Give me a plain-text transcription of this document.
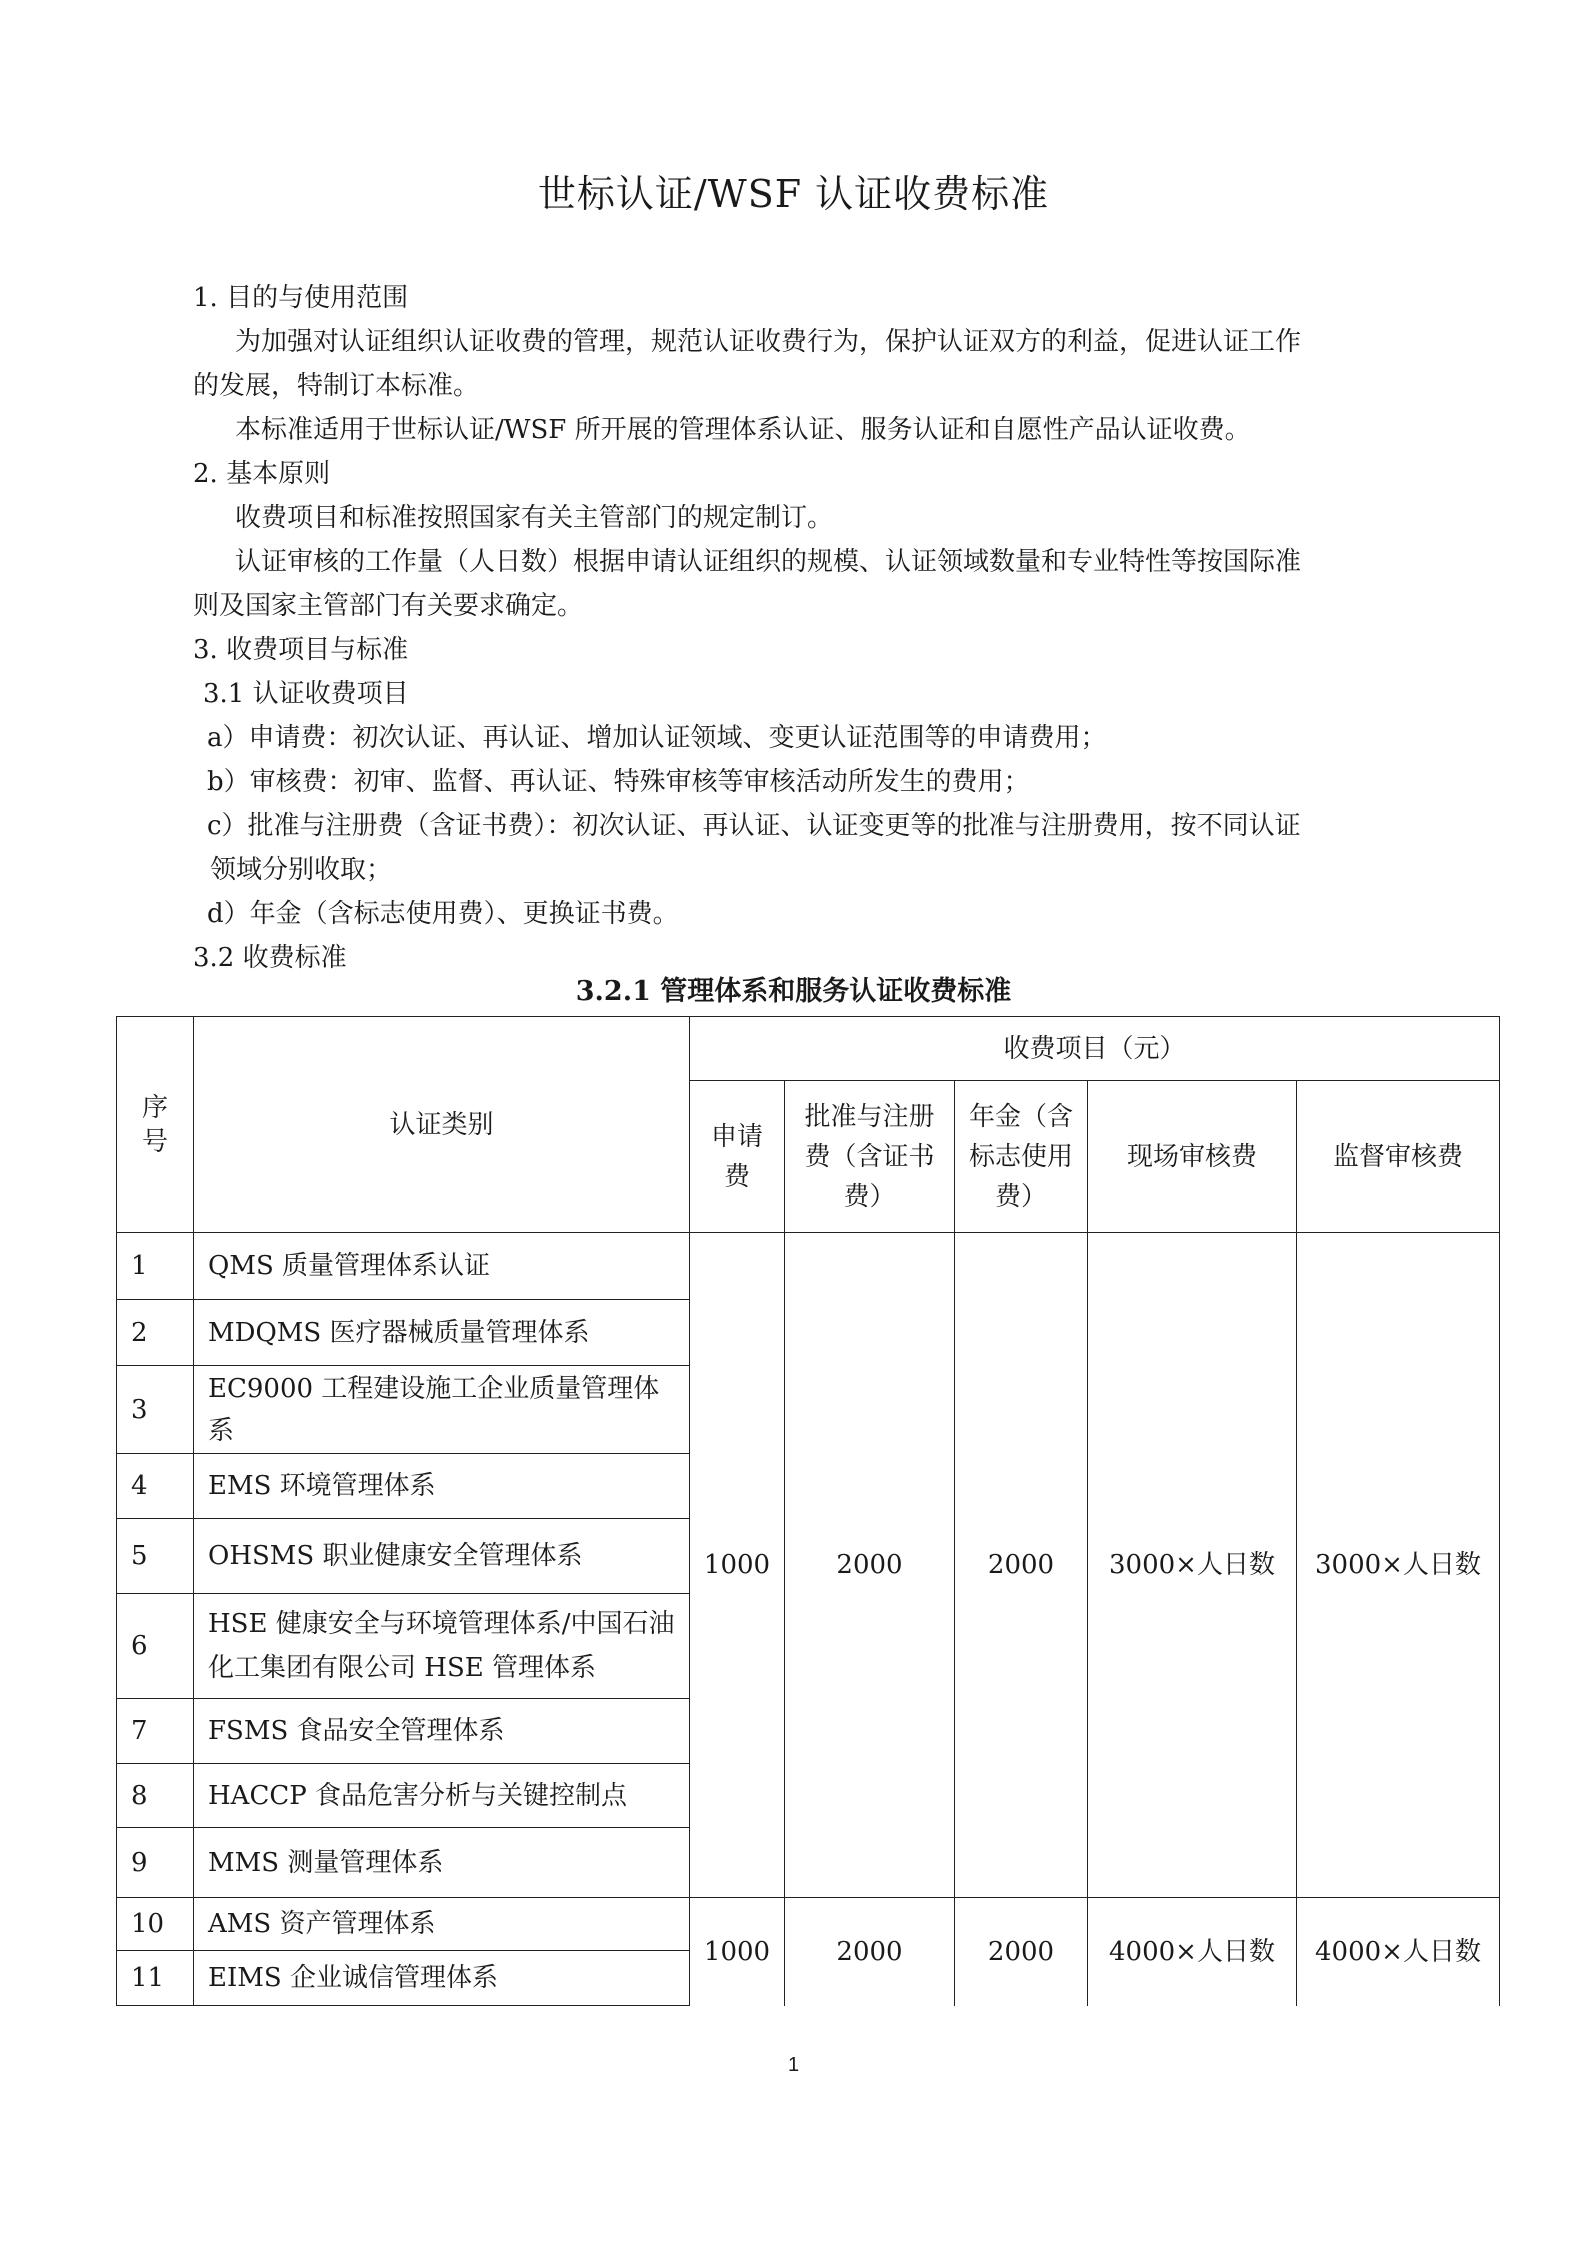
世标认证/WSF 认证收费标准
1. 目的与使用范围
为加强对认证组织认证收费的管理，规范认证收费行为，保护认证双方的利益，促进认证工作
的发展，特制订本标准。
本标准适用于世标认证/WSF 所开展的管理体系认证、服务认证和自愿性产品认证收费。
2. 基本原则
收费项目和标准按照国家有关主管部门的规定制订。
认证审核的工作量（人日数）根据申请认证组织的规模、认证领域数量和专业特性等按国际准
则及国家主管部门有关要求确定。
3. 收费项目与标准
3.1 认证收费项目
a）申请费：初次认证、再认证、增加认证领域、变更认证范围等的申请费用；
b）审核费：初审、监督、再认证、特殊审核等审核活动所发生的费用；
c）批准与注册费（含证书费）：初次认证、再认证、认证变更等的批准与注册费用，按不同认证
领域分别收取；
d）年金（含标志使用费）、更换证书费。
3.2 收费标准
3.2.1 管理体系和服务认证收费标准
序号	认证类别	收费项目（元）				

		申请费	批准与注册费（含证书费）	年金（含标志使用费）	现场审核费	监督审核费
1	QMS 质量管理体系认证	1000	2000	2000	3000×人日数	3000×人日数
2	MDQMS 医疗器械质量管理体系					
3	EC9000 工程建设施工企业质量管理体系					

4	EMS 环境管理体系					
5	OHSMS 职业健康安全管理体系					
6	HSE 健康安全与环境管理体系/中国石油化工集团有限公司 HSE 管理体系					

7	FSMS 食品安全管理体系					
8	HACCP 食品危害分析与关键控制点					
9	MMS 测量管理体系					
10	AMS 资产管理体系	1000	2000	2000	4000×人日数	4000×人日数
11	EIMS 企业诚信管理体系					
1
